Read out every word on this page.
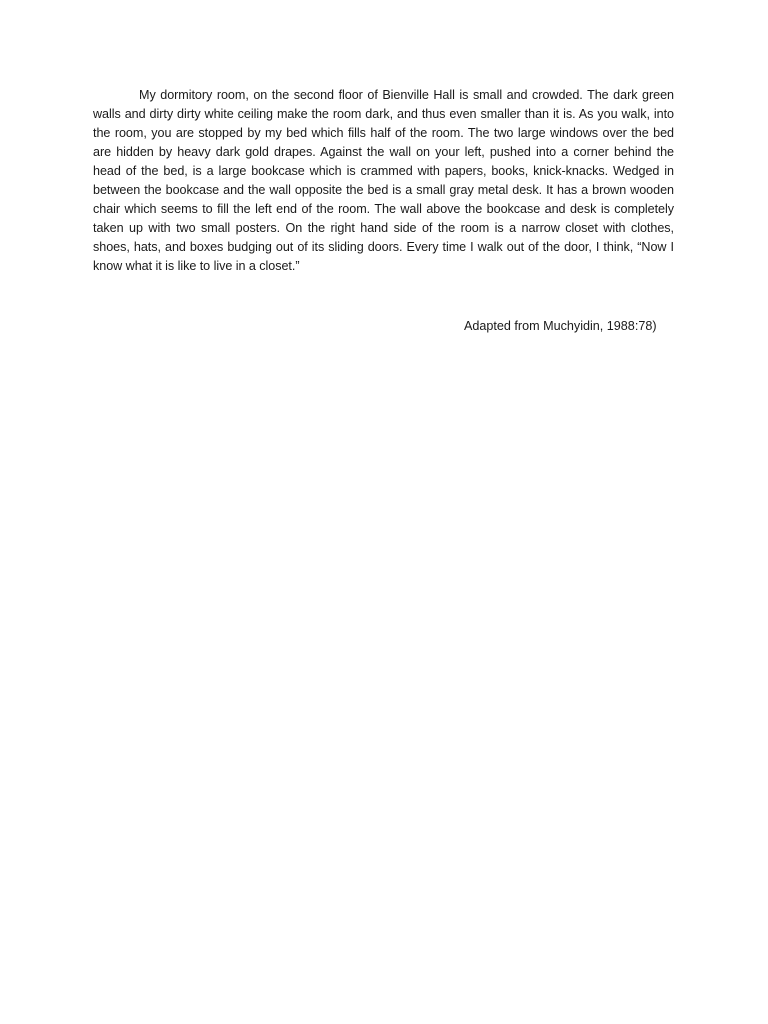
My dormitory room, on the second floor of Bienville Hall is small and crowded. The dark green walls and dirty dirty white ceiling make the room dark, and thus even smaller than it is. As you walk, into the room, you are stopped by my bed which fills half of the room. The two large windows over the bed are hidden by heavy dark gold drapes. Against the wall on your left, pushed into a corner behind the head of the bed, is a large bookcase which is crammed with papers, books, knick-knacks. Wedged in between the bookcase and the wall opposite the bed is a small gray metal desk. It has a brown wooden chair which seems to fill the left end of the room. The wall above the bookcase and desk is completely taken up with two small posters. On the right hand side of the room is a narrow closet with clothes, shoes, hats, and boxes budging out of its sliding doors. Every time I walk out of the door, I think, “Now I know what it is like to live in a closet.”

Adapted from Muchyidin, 1988:78)
